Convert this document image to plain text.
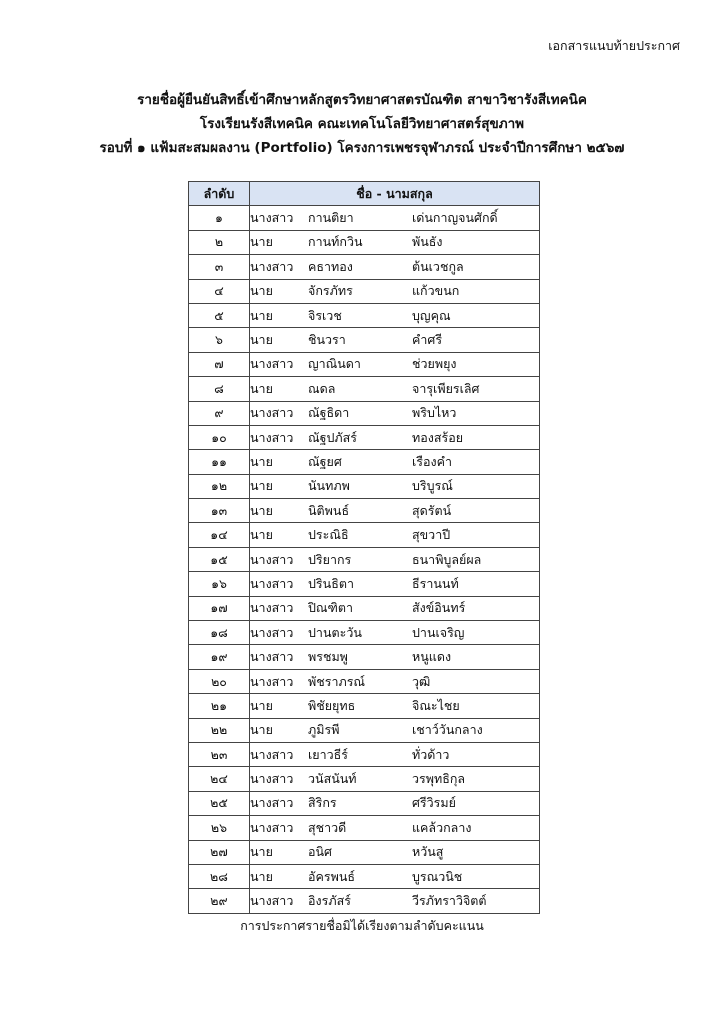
เอกสารแนบท้ายประกาศ
รายชื่อผู้ยืนยันสิทธิ์เข้าศึกษาหลักสูตรวิทยาศาสตรบัณฑิต สาขาวิชารังสีเทคนิค
โรงเรียนรังสีเทคนิค คณะเทคโนโลยีวิทยาศาสตร์สุขภาพ
รอบที่ ๑ แฟ้มสะสมผลงาน (Portfolio) โครงการเพชรจุฬาภรณ์ ประจำปีการศึกษา ๒๕๖๗
ลำดับ	ชื่อ - นามสกุล
๑	นางสาว กานติยา เด่นกาญจนศักดิ์
๒	นาย กานท์กวิน พันธัง
๓	นางสาว คธาทอง ต้นเวชกูล
๔	นาย จักรภัทร แก้วขนก
๕	นาย จิรเวช บุญคุณ
๖	นาย ชินวรา คำศรี
๗	นางสาว ญาณินดา ช่วยพยุง
๘	นาย ณดล จารุเพียรเลิศ
๙	นางสาว ณัฐธิดา พริบไหว
๑๐	นางสาว ณัฐปภัสร์ ทองสร้อย
๑๑	นาย ณัฐยศ เรืองคำ
๑๒	นาย นันทภพ บริบูรณ์
๑๓	นาย นิติพนธ์ สุดรัตน์
๑๔	นาย ประณิธิ สุขวาปี
๑๕	นางสาว ปริยากร ธนาพิบูลย์ผล
๑๖	นางสาว ปรินธิตา ธีรานนท์
๑๗	นางสาว ปิณฑิตา สังข์อินทร์
๑๘	นางสาว ปานตะวัน ปานเจริญ
๑๙	นางสาว พรชมพู หนูแดง
๒๐	นางสาว พัชราภรณ์ วุฒิ
๒๑	นาย พิชัยยุทธ จิณะไชย
๒๒	นาย ภูมิรพี เชาว์วันกลาง
๒๓	นางสาว เยาวธีร์ ทั่วด้าว
๒๔	นางสาว วนัสนันท์ วรพุทธิกุล
๒๕	นางสาว สิริกร ศรีวิรมย์
๒๖	นางสาว สุชาวดี แคล้วกลาง
๒๗	นาย อนิศ หวันสู
๒๘	นาย อัครพนธ์ บูรณวนิช
๒๙	นางสาว อิงรภัสร์ วีรภัทราวิจิตต์
การประกาศรายชื่อมิได้เรียงตามลำดับคะแนน
